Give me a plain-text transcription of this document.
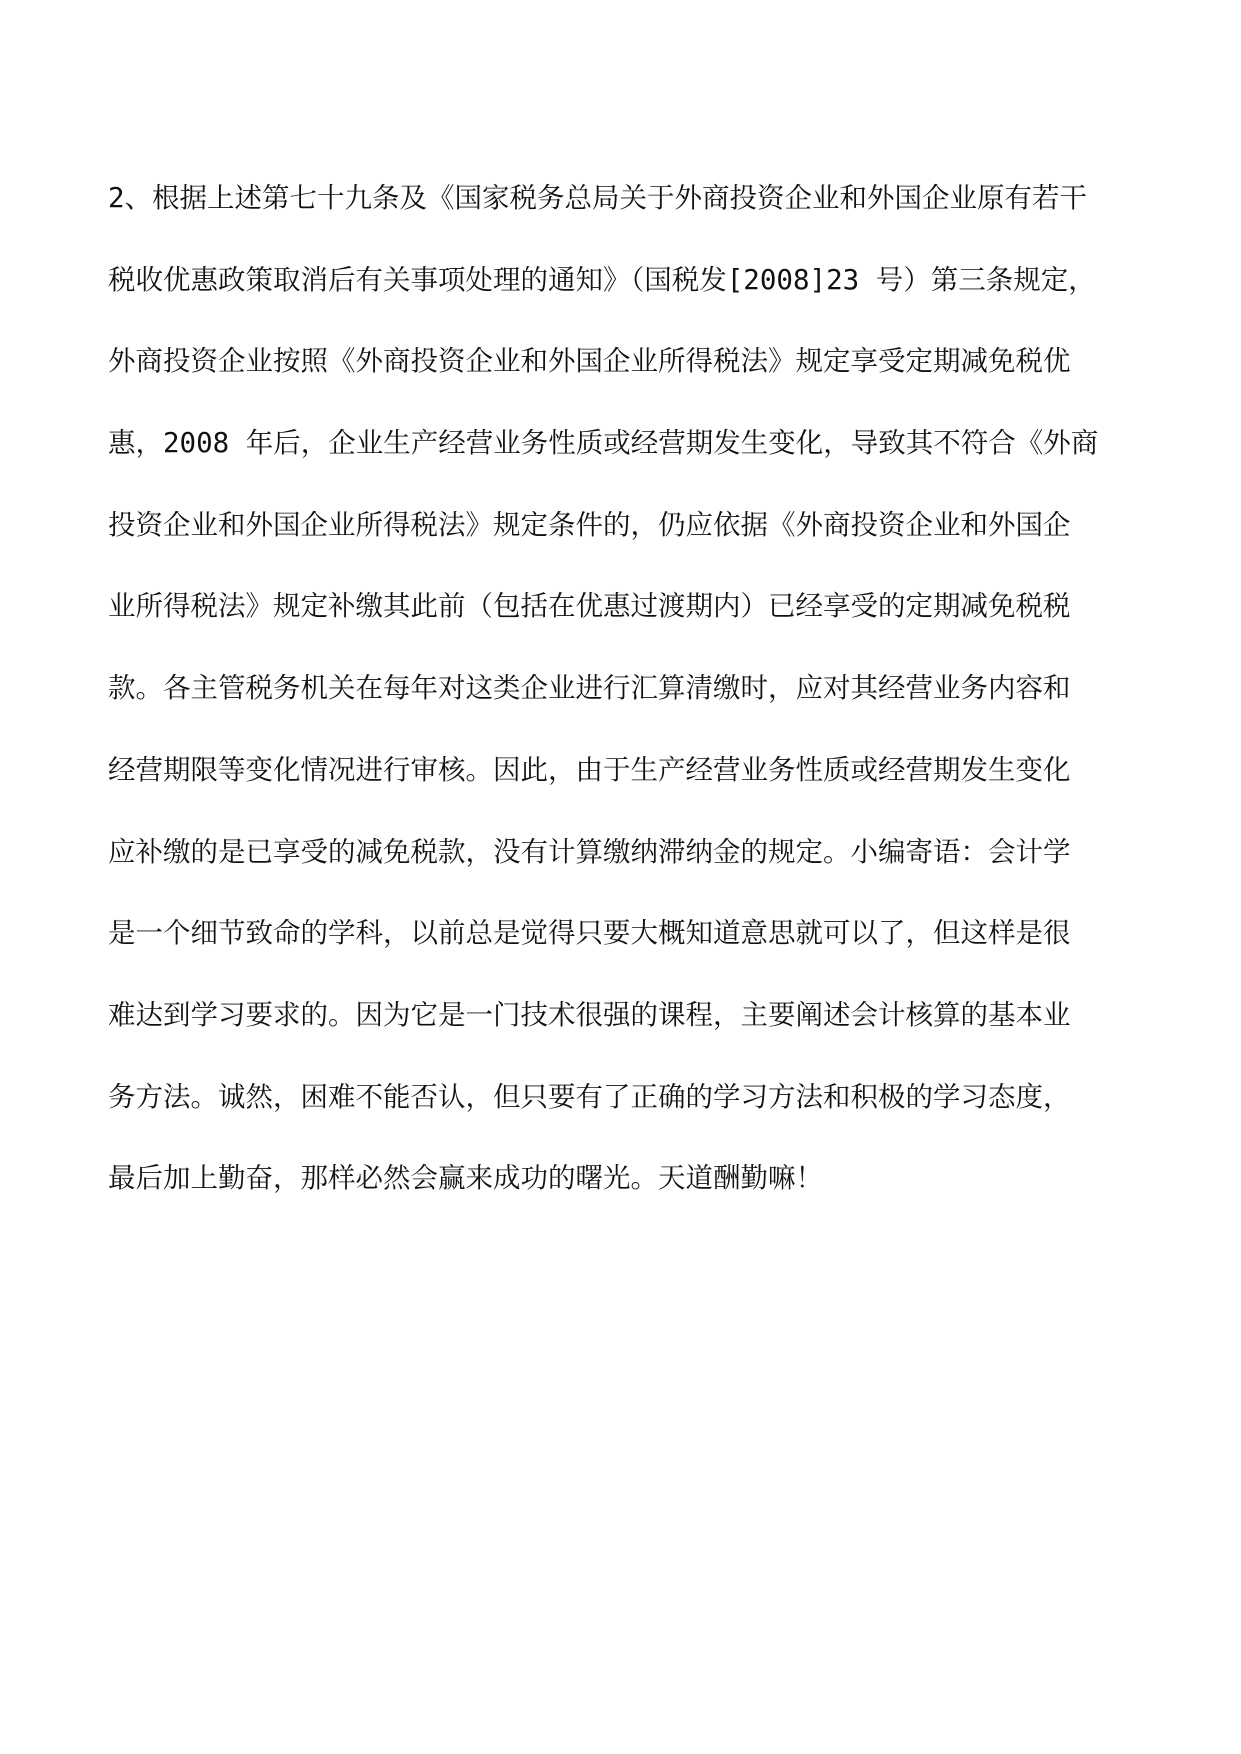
2、根据上述第七十九条及《国家税务总局关于外商投资企业和外国企业原有若干
税收优惠政策取消后有关事项处理的通知》（国税发[2008]23 号）第三条规定，
外商投资企业按照《外商投资企业和外国企业所得税法》规定享受定期减免税优
惠，2008 年后，企业生产经营业务性质或经营期发生变化，导致其不符合《外商
投资企业和外国企业所得税法》规定条件的，仍应依据《外商投资企业和外国企
业所得税法》规定补缴其此前（包括在优惠过渡期内）已经享受的定期减免税税
款。各主管税务机关在每年对这类企业进行汇算清缴时，应对其经营业务内容和
经营期限等变化情况进行审核。因此，由于生产经营业务性质或经营期发生变化
应补缴的是已享受的减免税款，没有计算缴纳滞纳金的规定。小编寄语：会计学
是一个细节致命的学科，以前总是觉得只要大概知道意思就可以了，但这样是很
难达到学习要求的。因为它是一门技术很强的课程，主要阐述会计核算的基本业
务方法。诚然，困难不能否认，但只要有了正确的学习方法和积极的学习态度，
最后加上勤奋，那样必然会赢来成功的曙光。天道酬勤嘛！
